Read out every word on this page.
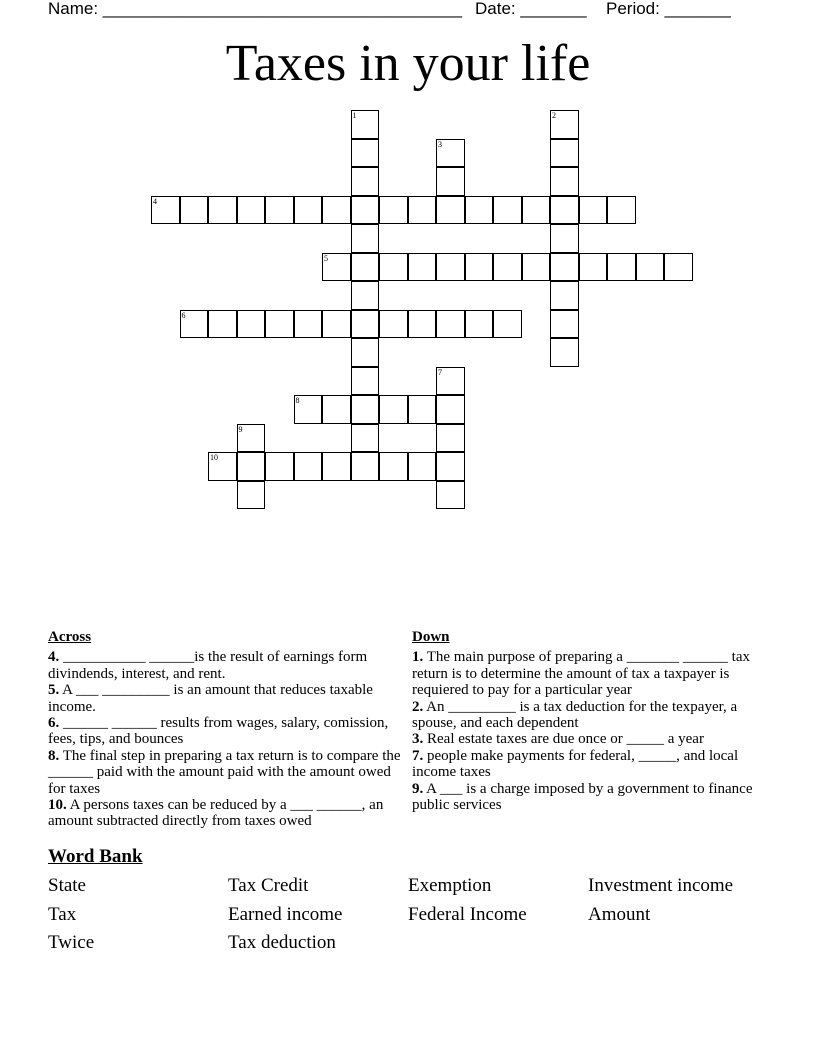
Name: ______________________________________ Date: _______ Period: _______
Taxes in your life
1	2
3
4
5
6
7
8
9
10
Across

4. ___________ ______is the result of earnings form divindends, interest, and rent.

5. A ___ _________ is an amount that reduces taxable income.

6. ______ ______ results from wages, salary, comission, fees, tips, and bounces

8. The final step in preparing a tax return is to compare the ______ paid with the amount paid with the amount owed for taxes

10. A persons taxes can be reduced by a ___ ______, an amount subtracted directly from taxes owed

Down

1. The main purpose of preparing a _______ ______ tax return is to determine the amount of tax a taxpayer is requiered to pay for a particular year

2. An _________ is a tax deduction for the texpayer, a spouse, and each dependent

3. Real estate taxes are due once or _____ a year

7. people make payments for federal, _____, and local income taxes

9. A ___ is a charge imposed by a government to finance public services

Word Bank
State	Tax Credit	Exemption	Investment income
Tax	Earned income	Federal Income	Amount
Twice	Tax deduction
